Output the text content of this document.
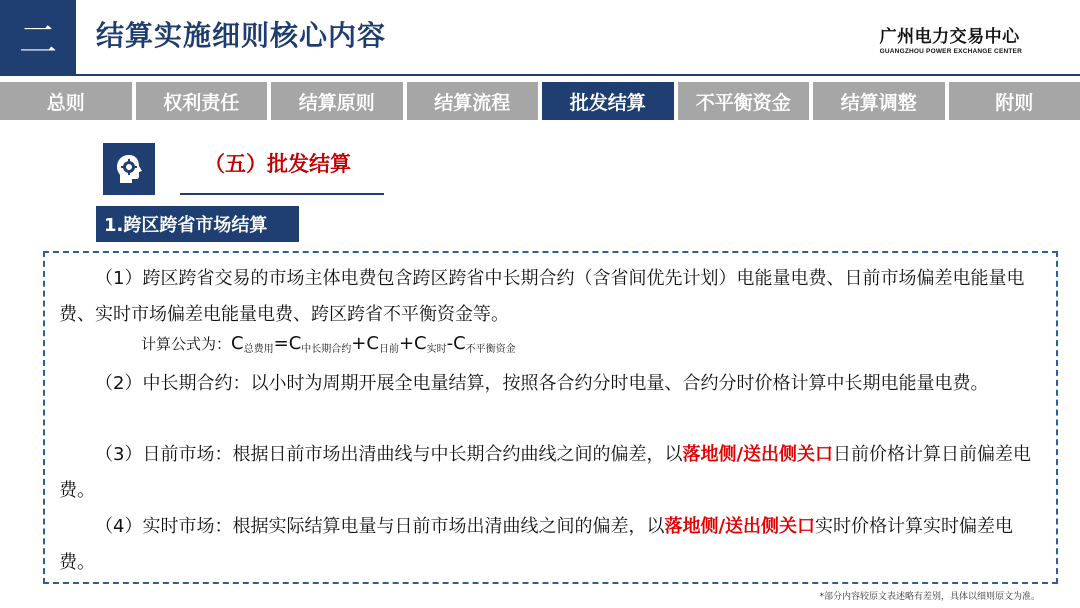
二 结算实施细则核心内容	广州电力交易中心
GUANGZHOU POWER EXCHANGE CENTER
总则	权利责任	结算原则	结算流程	批发结算	不平衡资金	结算调整	附则
（五）批发结算
1.跨区跨省市场结算
（1）跨区跨省交易的市场主体电费包含跨区跨省中长期合约（含省间优先计划）电能量电费、日前市场偏差电能量电费、实时市场偏差电能量电费、跨区跨省不平衡资金等。
计算公式为：$C_{总费用}=C_{中长期合约}+C_{日前}+C_{实时}-C_{不平衡资金}$
（2）中长期合约：以小时为周期开展全电量结算，按照各合约分时电量、合约分时价格计算中长期电能量电费。
（3）日前市场：根据日前市场出清曲线与中长期合约曲线之间的偏差，以落地侧/送出侧关口日前价格计算日前偏差电费。
（4）实时市场：根据实际结算电量与日前市场出清曲线之间的偏差，以落地侧/送出侧关口实时价格计算实时偏差电费。
*部分内容较原文表述略有差别，具体以细则原文为准。
